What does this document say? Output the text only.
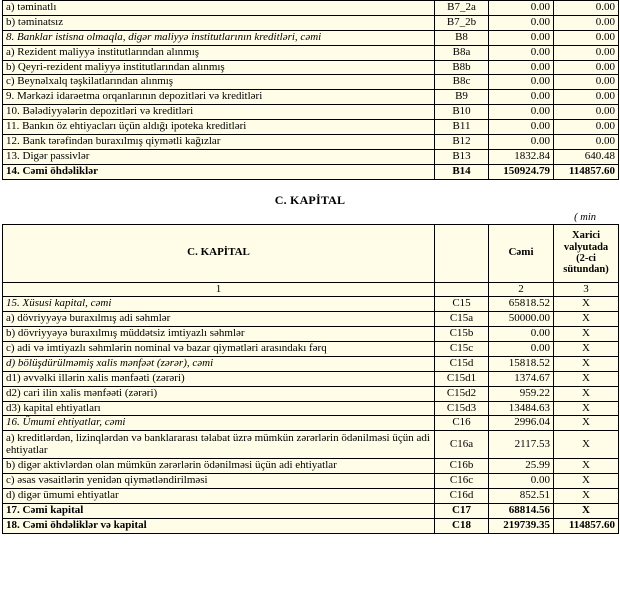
a) təminatlı	B7_2a	0.00	0.00
b) təminatsız	B7_2b	0.00	0.00
8. Banklar istisna olmaqla, digər maliyyə institutlarının kreditləri, cəmi	B8	0.00	0.00
a) Rezident maliyyə institutlarından alınmış	B8a	0.00	0.00
b) Qeyri-rezident maliyyə institutlarından alınmış	B8b	0.00	0.00
c) Beynəlxalq təşkilatlarından alınmış	B8c	0.00	0.00
9. Mərkəzi idarəetma orqanlarının depozitləri və kreditləri	B9	0.00	0.00
10. Bələdiyyələrin depozitləri və kreditləri	B10	0.00	0.00
11. Bankın öz ehtiyacları üçün aldığı ipoteka kreditləri	B11	0.00	0.00
12. Bank tərəfindən buraxılmış qiymətli kağızlar	B12	0.00	0.00
13. Digər passivlər	B13	1832.84	640.48
14. Cəmi öhdəliklər	B14	150924.79	114857.60
C. KAPİTAL
( min
C. KAPİTAL		Cəmi	Xarici valyutada (2-ci sütundan)
1		2	3
15. Xüsusi kapital, cəmi	C15	65818.52	X
a) dövriyyəyə buraxılmış adi səhmlər	C15a	50000.00	X
b) dövriyyəyə buraxılmış müddətsiz imtiyazlı səhmlər	C15b	0.00	X
c) adi və imtiyazlı səhmlərin nominal və bazar qiymətləri arasındakı fərq	C15c	0.00	X
d) bölüşdürülməmiş xalis mənfəət (zərər), cəmi	C15d	15818.52	X
d1) əvvəlki illərin xalis mənfəəti (zərəri)	C15d1	1374.67	X
d2) cari ilin xalis mənfəəti (zərəri)	C15d2	959.22	X
d3) kapital ehtiyatları	C15d3	13484.63	X
16. Ümumi ehtiyatlar, cəmi	C16	2996.04	X
a) kreditlərdən, lizinqlərdən və banklararası təlabat üzrə mümkün zərərlərin ödənilməsi üçün adi ehtiyatlar	C16a	2117.53	X
b) digər aktivlərdən olan mümkün zərərlərin ödənilməsi üçün adi ehtiyatlar	C16b	25.99	X
c) əsas vəsaitlərin yenidən qiymətləndirilməsi	C16c	0.00	X
d) digər ümumi ehtiyatlar	C16d	852.51	X
17. Cəmi kapital	C17	68814.56	X
18. Cəmi öhdəliklər və kapital	C18	219739.35	114857.60
